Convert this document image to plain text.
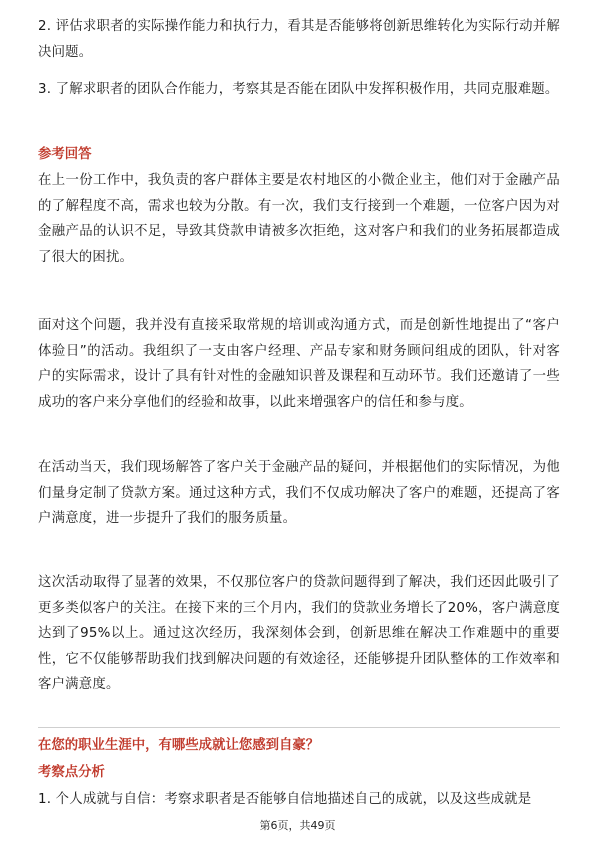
2. 评估求职者的实际操作能力和执行力，看其是否能够将创新思维转化为实际行动并解决问题。

3. 了解求职者的团队合作能力，考察其是否能在团队中发挥积极作用，共同克服难题。

参考回答

在上一份工作中，我负责的客户群体主要是农村地区的小微企业主，他们对于金融产品的了解程度不高，需求也较为分散。有一次，我们支行接到一个难题，一位客户因为对金融产品的认识不足，导致其贷款申请被多次拒绝，这对客户和我们的业务拓展都造成了很大的困扰。

面对这个问题，我并没有直接采取常规的培训或沟通方式，而是创新性地提出了“客户体验日”的活动。我组织了一支由客户经理、产品专家和财务顾问组成的团队，针对客户的实际需求，设计了具有针对性的金融知识普及课程和互动环节。我们还邀请了一些成功的客户来分享他们的经验和故事，以此来增强客户的信任和参与度。

在活动当天，我们现场解答了客户关于金融产品的疑问，并根据他们的实际情况，为他们量身定制了贷款方案。通过这种方式，我们不仅成功解决了客户的难题，还提高了客户满意度，进一步提升了我们的服务质量。

这次活动取得了显著的效果，不仅那位客户的贷款问题得到了解决，我们还因此吸引了更多类似客户的关注。在接下来的三个月内，我们的贷款业务增长了20%，客户满意度达到了95%以上。通过这次经历，我深刻体会到，创新思维在解决工作难题中的重要性，它不仅能够帮助我们找到解决问题的有效途径，还能够提升团队整体的工作效率和客户满意度。

在您的职业生涯中，有哪些成就让您感到自豪？
考察点分析

1. 个人成就与自信：考察求职者是否能够自信地描述自己的成就，以及这些成就是

第6页，共49页
